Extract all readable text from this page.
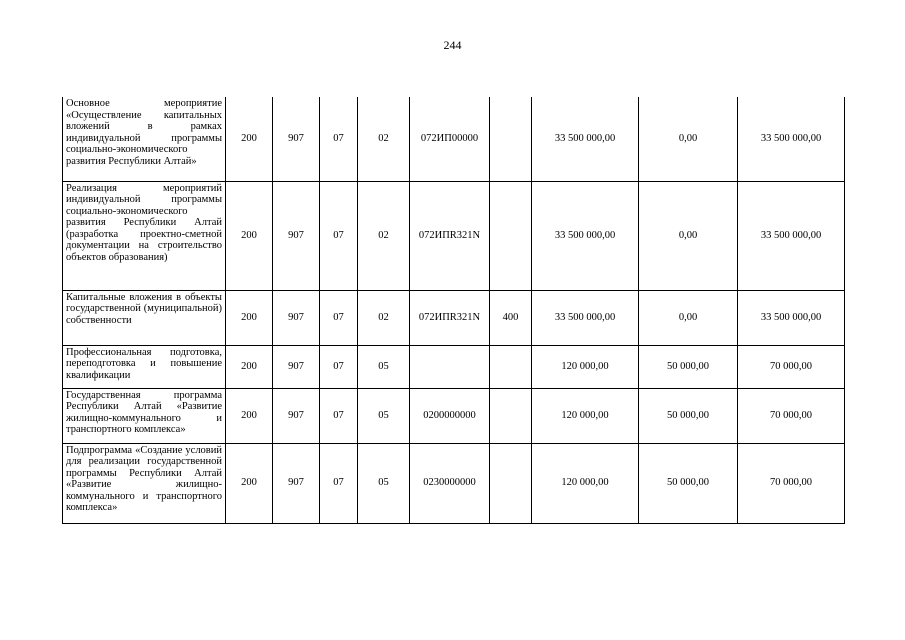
244
Основное мероприятие «Осуществление капитальных вложений в рамках индивидуальной программы социально-экономического развития Республики Алтай»	200	907	07	02	072ИП00000		33 500 000,00	0,00	33 500 000,00
Реализация мероприятий индивидуальной программы социально-экономического развития Республики Алтай (разработка проектно-сметной документации на строительство объектов образования)	200	907	07	02	072ИПR321N		33 500 000,00	0,00	33 500 000,00
Капитальные вложения в объекты государственной (муниципальной) собственности	200	907	07	02	072ИПR321N	400	33 500 000,00	0,00	33 500 000,00
Профессиональная подготовка, переподготовка и повышение квалификации	200	907	07	05			120 000,00	50 000,00	70 000,00
Государственная программа Республики Алтай «Развитие жилищно-коммунального и транспортного комплекса»	200	907	07	05	0200000000		120 000,00	50 000,00	70 000,00
Подпрограмма «Создание условий для реализации государственной программы Республики Алтай «Развитие жилищно-коммунального и транспортного комплекса»	200	907	07	05	0230000000		120 000,00	50 000,00	70 000,00
